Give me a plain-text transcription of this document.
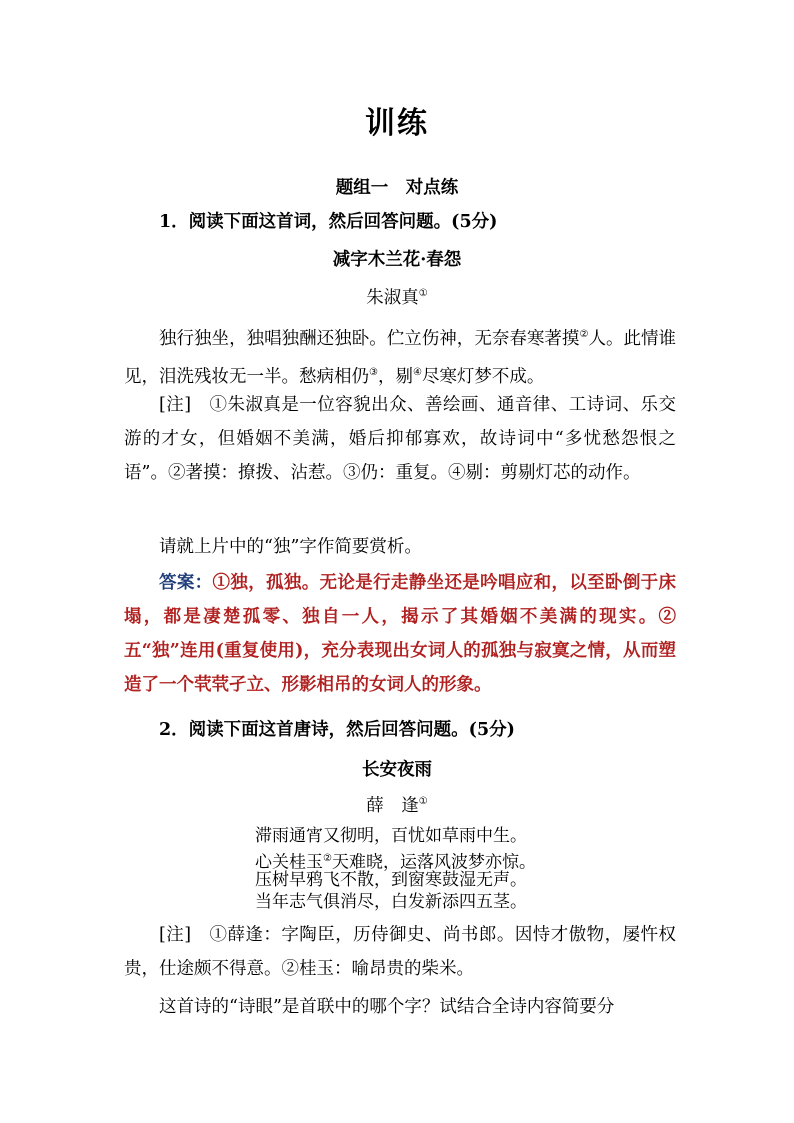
训练
题组一　对点练
1．阅读下面这首词，然后回答问题。(5分)
减字木兰花·春怨
朱淑真①
独行独坐，独唱独酬还独卧。伫立伤神，无奈春寒著摸②人。此情谁见，泪洗残妆无一半。愁病相仍③，剔④尽寒灯梦不成。
[注]　①朱淑真是一位容貌出众、善绘画、通音律、工诗词、乐交游的才女，但婚姻不美满，婚后抑郁寡欢，故诗词中“多忧愁怨恨之语”。②著摸：撩拨、沾惹。③仍：重复。④剔：剪剔灯芯的动作。
请就上片中的“独”字作简要赏析。
答案：①独，孤独。无论是行走静坐还是吟唱应和，以至卧倒于床塌，都是凄楚孤零、独自一人，揭示了其婚姻不美满的现实。②五“独”连用(重复使用)，充分表现出女词人的孤独与寂寞之情，从而塑造了一个茕茕孑立、形影相吊的女词人的形象。
2．阅读下面这首唐诗，然后回答问题。(5分)
长安夜雨
薛　逢①
滞雨通宵又彻明，百忧如草雨中生。
心关桂玉②天难晓，运落风波梦亦惊。
压树早鸦飞不散，到窗寒鼓湿无声。
当年志气俱消尽，白发新添四五茎。
[注]　①薛逢：字陶臣，历侍御史、尚书郎。因恃才傲物，屡忤权贵，仕途颇不得意。②桂玉：喻昂贵的柴米。
这首诗的“诗眼”是首联中的哪个字？试结合全诗内容简要分
